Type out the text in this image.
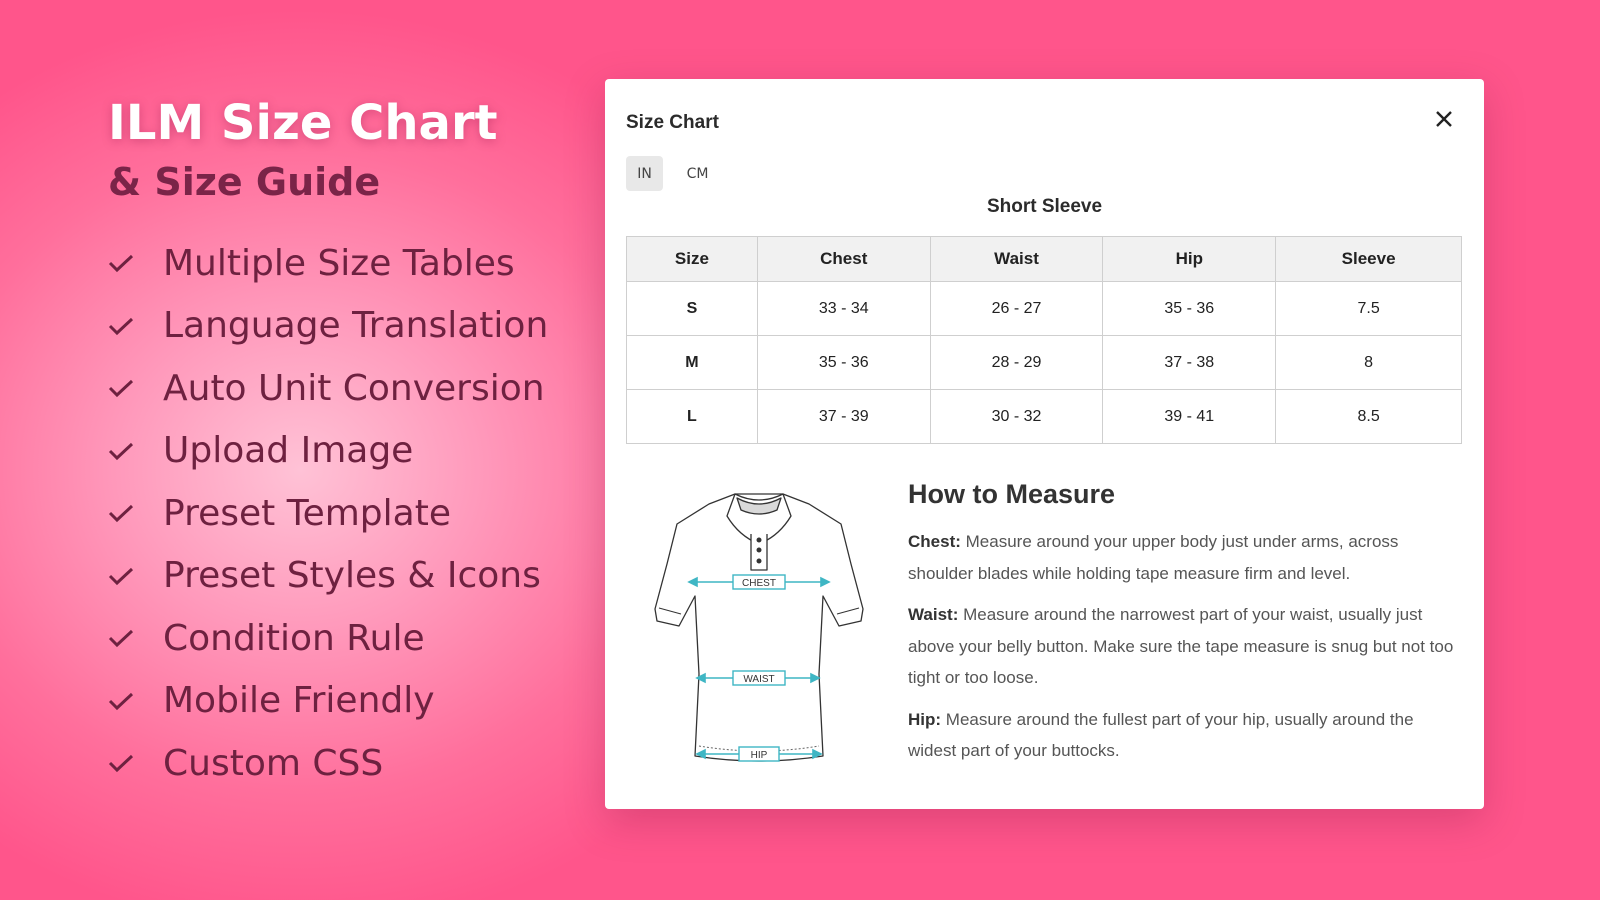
ILM Size Chart
& Size Guide
Multiple Size Tables
Language Translation
Auto Unit Conversion
Upload Image
Preset Template
Preset Styles & Icons
Condition Rule
Mobile Friendly
Custom CSS
Size Chart
IN	CM
Short Sleeve
Size	Chest	Waist	Hip	Sleeve
S	33 - 34	26 - 27	35 - 36	7.5
M	35 - 36	28 - 29	37 - 38	8
L	37 - 39	30 - 32	39 - 41	8.5
CHEST
WAIST
HIP
How to Measure

Chest: Measure around your upper body just under arms, across shoulder blades while holding tape measure firm and level.

Waist: Measure around the narrowest part of your waist, usually just above your belly button. Make sure the tape measure is snug but not too tight or too loose.

Hip: Measure around the fullest part of your hip, usually around the widest part of your buttocks.
